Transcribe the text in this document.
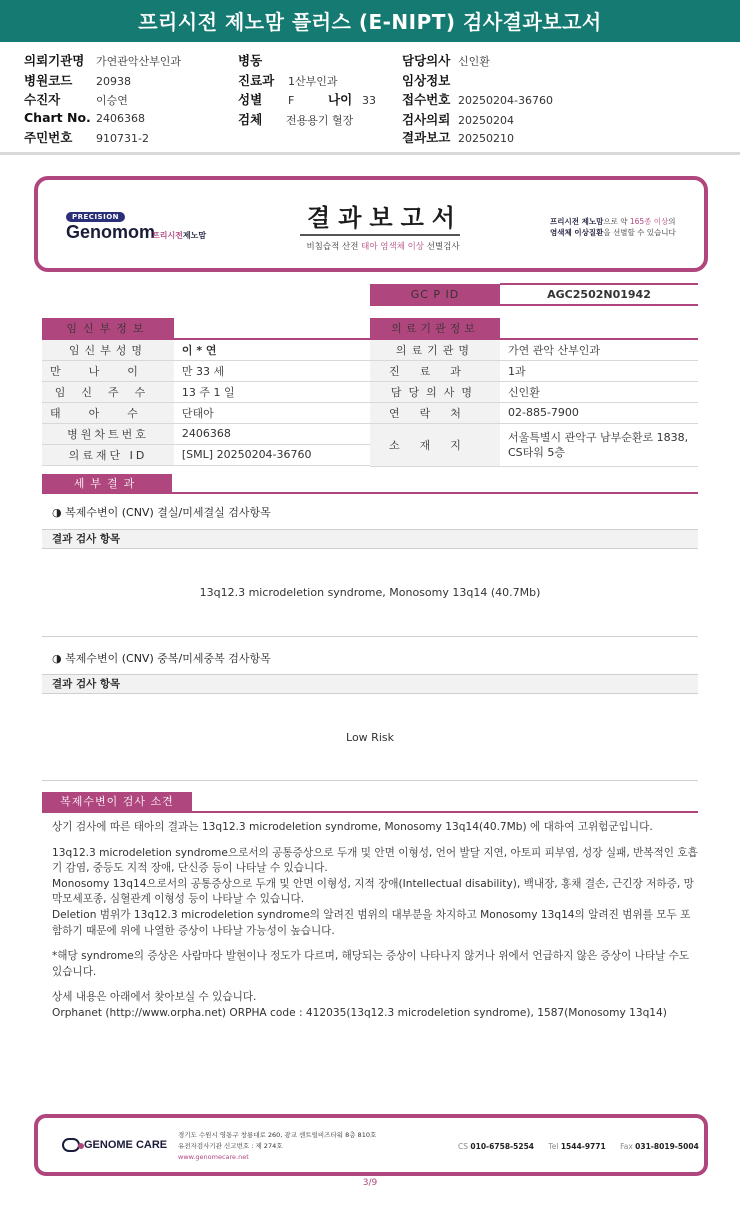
프리시전 제노맘 플러스 (E-NIPT) 검사결과보고서
의뢰기관명 가연관악산부인과
병원코드 20938
수진자	이승연
Chart No. 2406368
주민번호 910731-2
병동
진료과 1산부인과
성별 F	나이 33
검체 전용용기 혈장
담당의사 신인환
임상정보
접수번호 20250204-36760
검사의뢰 20250204
결과보고 20250210
PRECISION
Genomom
프리시전제노맘
결과보고서
비침습적 산전 태아 염색체 이상 선별검사
프리시전 제노맘으로 약 165종 이상의
염색체 이상질환을 선별할 수 있습니다
GC P ID	AGC2502N01942
임신부정보	
임신부성명	이 * 연
만나이	만 33 세
임신주수	13 주 1 일
태아수	단태아
병원차트번호	2406368
의료재단 ID	[SML] 20250204-36760
의료기관정보	
의료기관명	가연 관악 산부인과
진료과	1과
담당의사명	신인환
연락처	02-885-7900
소재지	서울특별시 관악구 남부순환로 1838,
CS타워 5층
세부결과
◑ 복제수변이 (CNV) 결실/미세결실 검사항목
결과 검사 항목
13q12.3 microdeletion syndrome, Monosomy 13q14 (40.7Mb)
◑ 복제수변이 (CNV) 중복/미세중복 검사항목
결과 검사 항목
Low Risk
복제수변이 검사 소견

상기 검사에 따른 태아의 결과는 13q12.3 microdeletion syndrome, Monosomy 13q14(40.7Mb) 에 대하여 고위험군입니다.

13q12.3 microdeletion syndrome으로서의 공통증상으로 두개 및 안면 이형성, 언어 발달 지연, 아토피 피부염, 성장 실패, 반복적인 호흡기 감염, 중등도 지적 장애, 단신증 등이 나타날 수 있습니다.

Monosomy 13q14으로서의 공통증상으로 두개 및 안면 이형성, 지적 장애(Intellectual disability), 백내장, 홍채 결손, 근긴장 저하증, 망막모세포종, 심혈관계 이형성 등이 나타날 수 있습니다.

Deletion 범위가 13q12.3 microdeletion syndrome의 알려진 범위의 대부분을 차지하고 Monosomy 13q14의 알려진 범위를 모두 포함하기 때문에 위에 나열한 증상이 나타날 가능성이 높습니다.

*해당 syndrome의 증상은 사람마다 발현이나 정도가 다르며, 해당되는 증상이 나타나지 않거나 위에서 언급하지 않은 증상이 나타날 수도 있습니다.

상세 내용은 아래에서 찾아보실 수 있습니다.

Orphanet (http://www.orpha.net) ORPHA code : 412035(13q12.3 microdeletion syndrome), 1587(Monosomy 13q14)

GENOME CARE
경기도 수원시 영통구 창룡대로 260, 광교 센트럴비즈타워 8층 810호
유전자검사기관 신고번호 : 제 274호
www.genomecare.net
CS 010-6758-5254 Tel 1544-9771 Fax 031-8019-5004
3/9
